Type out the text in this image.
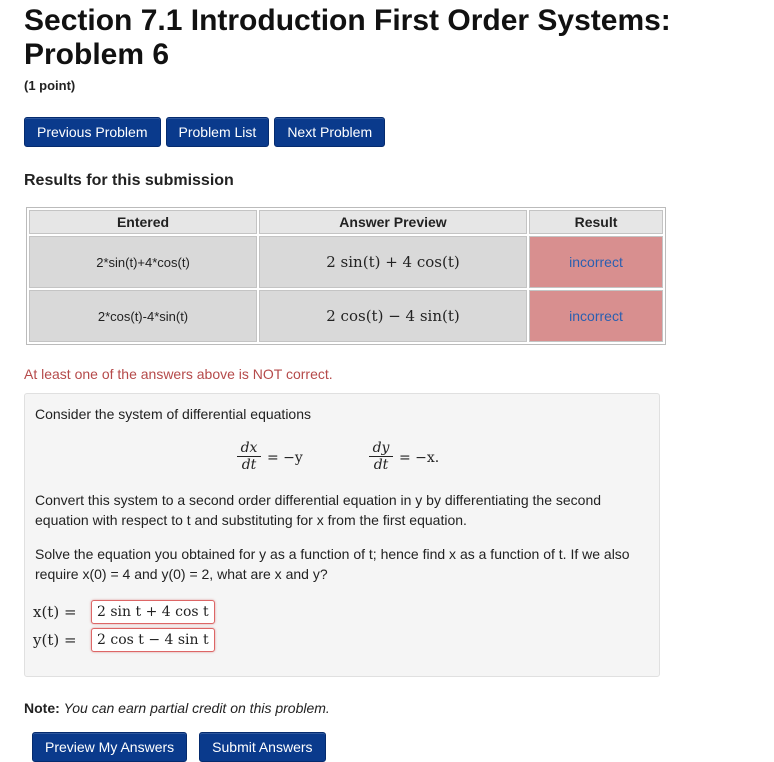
Section 7.1 Introduction First Order Systems:
Problem 6
(1 point)
Previous Problem	Problem List	Next Problem
Results for this submission
Entered	Answer Preview	Result
2*sin(t)+4*cos(t)	2 sin(t) + 4 cos(t)	incorrect
2*cos(t)-4*sin(t)	2 cos(t) − 4 sin(t)	incorrect
At least one of the answers above is NOT correct.
Consider the system of differential equations
$\frac{dx}{dt} = -y$	$\frac{dy}{dt} = -x$.
Convert this system to a second order differential equation in y by differentiating the second equation with respect to t and substituting for x from the first equation.
Solve the equation you obtained for y as a function of t; hence find x as a function of t. If we also require x(0) = 4 and y(0) = 2, what are x and y?
x(t) =	2 sin t + 4 cos t
y(t) =	2 cos t − 4 sin t
Note: You can earn partial credit on this problem.
Preview My Answers	Submit Answers
